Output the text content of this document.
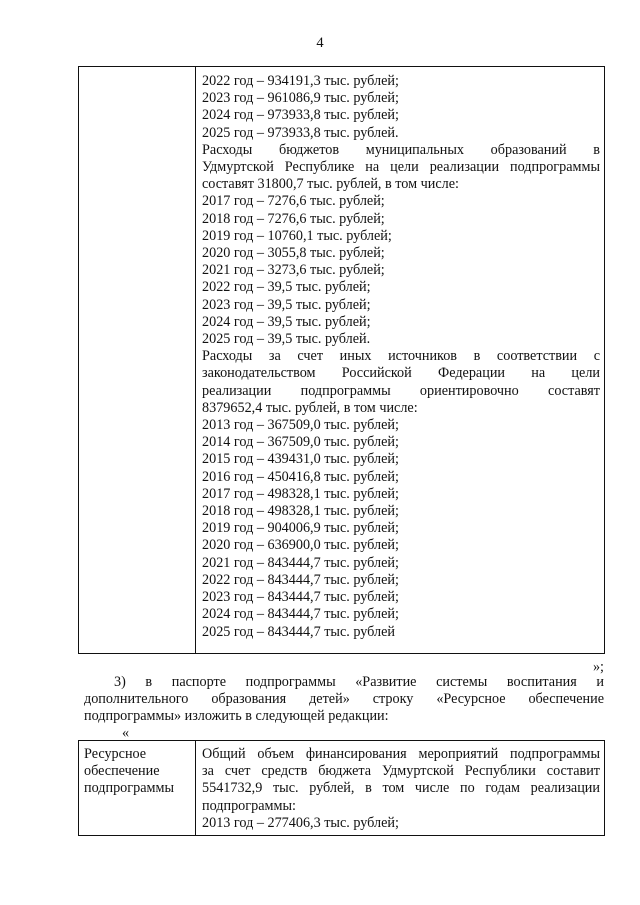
4
2022 год – 934191,3 тыс. рублей;
2023 год – 961086,9 тыс. рублей;
2024 год – 973933,8 тыс. рублей;
2025 год – 973933,8 тыс. рублей.
Расходы бюджетов муниципальных образований в
Удмуртской Республике на цели реализации подпрограммы
составят 31800,7 тыс. рублей, в том числе:
2017 год – 7276,6 тыс. рублей;
2018 год – 7276,6 тыс. рублей;
2019 год – 10760,1 тыс. рублей;
2020 год – 3055,8 тыс. рублей;
2021 год – 3273,6 тыс. рублей;
2022 год – 39,5 тыс. рублей;
2023 год – 39,5 тыс. рублей;
2024 год – 39,5 тыс. рублей;
2025 год – 39,5 тыс. рублей.
Расходы за счет иных источников в соответствии с
законодательством Российской Федерации на цели
реализации подпрограммы ориентировочно составят
8379652,4 тыс. рублей, в том числе:
2013 год – 367509,0 тыс. рублей;
2014 год – 367509,0 тыс. рублей;
2015 год – 439431,0 тыс. рублей;
2016 год – 450416,8 тыс. рублей;
2017 год – 498328,1 тыс. рублей;
2018 год – 498328,1 тыс. рублей;
2019 год – 904006,9 тыс. рублей;
2020 год – 636900,0 тыс. рублей;
2021 год – 843444,7 тыс. рублей;
2022 год – 843444,7 тыс. рублей;
2023 год – 843444,7 тыс. рублей;
2024 год – 843444,7 тыс. рублей;
2025 год – 843444,7 тыс. рублей
»;
3) в паспорте подпрограммы «Развитие системы воспитания и
дополнительного образования детей» строку «Ресурсное обеспечение
подпрограммы» изложить в следующей редакции:
«
Ресурсное
обеспечение
подпрограммы
Общий объем финансирования мероприятий подпрограммы
за счет средств бюджета Удмуртской Республики составит
5541732,9 тыс. рублей, в том числе по годам реализации
подпрограммы:
2013 год – 277406,3 тыс. рублей;
